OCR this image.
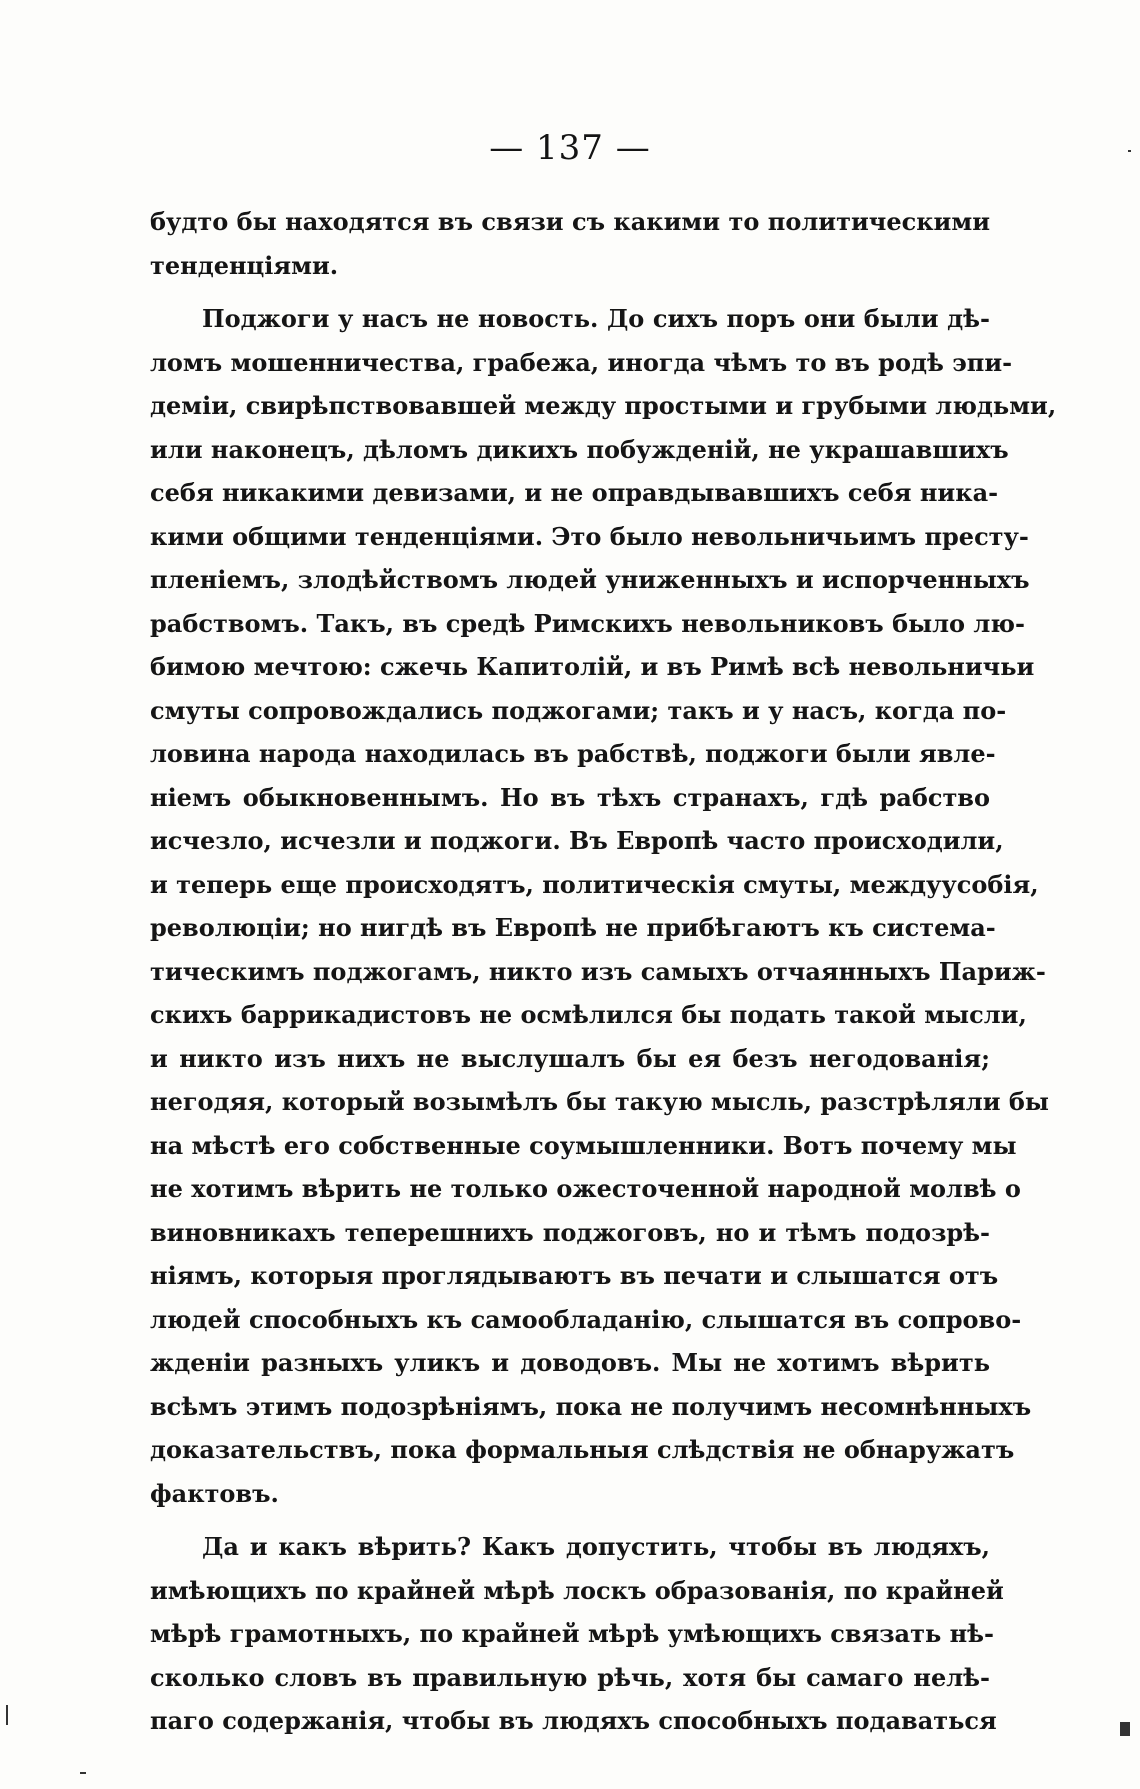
— 137 —
будто бы находятся въ связи съ какими то политическими
тенденціями.
Поджоги у насъ не новость. До сихъ поръ они были дѣ-
ломъ мошенничества, грабежа, иногда чѣмъ то въ родѣ эпи-
деміи, свирѣпствовавшей между простыми и грубыми людьми,
или наконецъ, дѣломъ дикихъ побужденій, не украшавшихъ
себя никакими девизами, и не оправдывавшихъ себя ника-
кими общими тенденціями. Это было невольничьимъ престу-
пленіемъ, злодѣйствомъ людей униженныхъ и испорченныхъ
рабствомъ. Такъ, въ средѣ Римскихъ невольниковъ было лю-
бимою мечтою: сжечь Капитолій, и въ Римѣ всѣ невольничьи
смуты сопровождались поджогами; такъ и у насъ, когда по-
ловина народа находилась въ рабствѣ, поджоги были явле-
ніемъ обыкновеннымъ. Но въ тѣхъ странахъ, гдѣ рабство
исчезло, исчезли и поджоги. Въ Европѣ часто происходили,
и теперь еще происходятъ, политическія смуты, междуусобія,
революціи; но нигдѣ въ Европѣ не прибѣгаютъ къ система-
тическимъ поджогамъ, никто изъ самыхъ отчаянныхъ Париж-
скихъ баррикадистовъ не осмѣлился бы подать такой мысли,
и никто изъ нихъ не выслушалъ бы ея безъ негодованія;
негодяя, который возымѣлъ бы такую мысль, разстрѣляли бы
на мѣстѣ его собственные соумышленники. Вотъ почему мы
не хотимъ вѣрить не только ожесточенной народной молвѣ о
виновникахъ теперешнихъ поджоговъ, но и тѣмъ подозрѣ-
ніямъ, которыя проглядываютъ въ печати и слышатся отъ
людей способныхъ къ самообладанію, слышатся въ сопрово-
жденіи разныхъ уликъ и доводовъ. Мы не хотимъ вѣрить
всѣмъ этимъ подозрѣніямъ, пока не получимъ несомнѣнныхъ
доказательствъ, пока формальныя слѣдствія не обнаружатъ
фактовъ.
Да и какъ вѣрить? Какъ допустить, чтобы въ людяхъ,
имѣющихъ по крайней мѣрѣ лоскъ образованія, по крайней
мѣрѣ грамотныхъ, по крайней мѣрѣ умѣющихъ связать нѣ-
сколько словъ въ правильную рѣчь, хотя бы самаго нелѣ-
паго содержанія, чтобы въ людяхъ способныхъ подаваться
